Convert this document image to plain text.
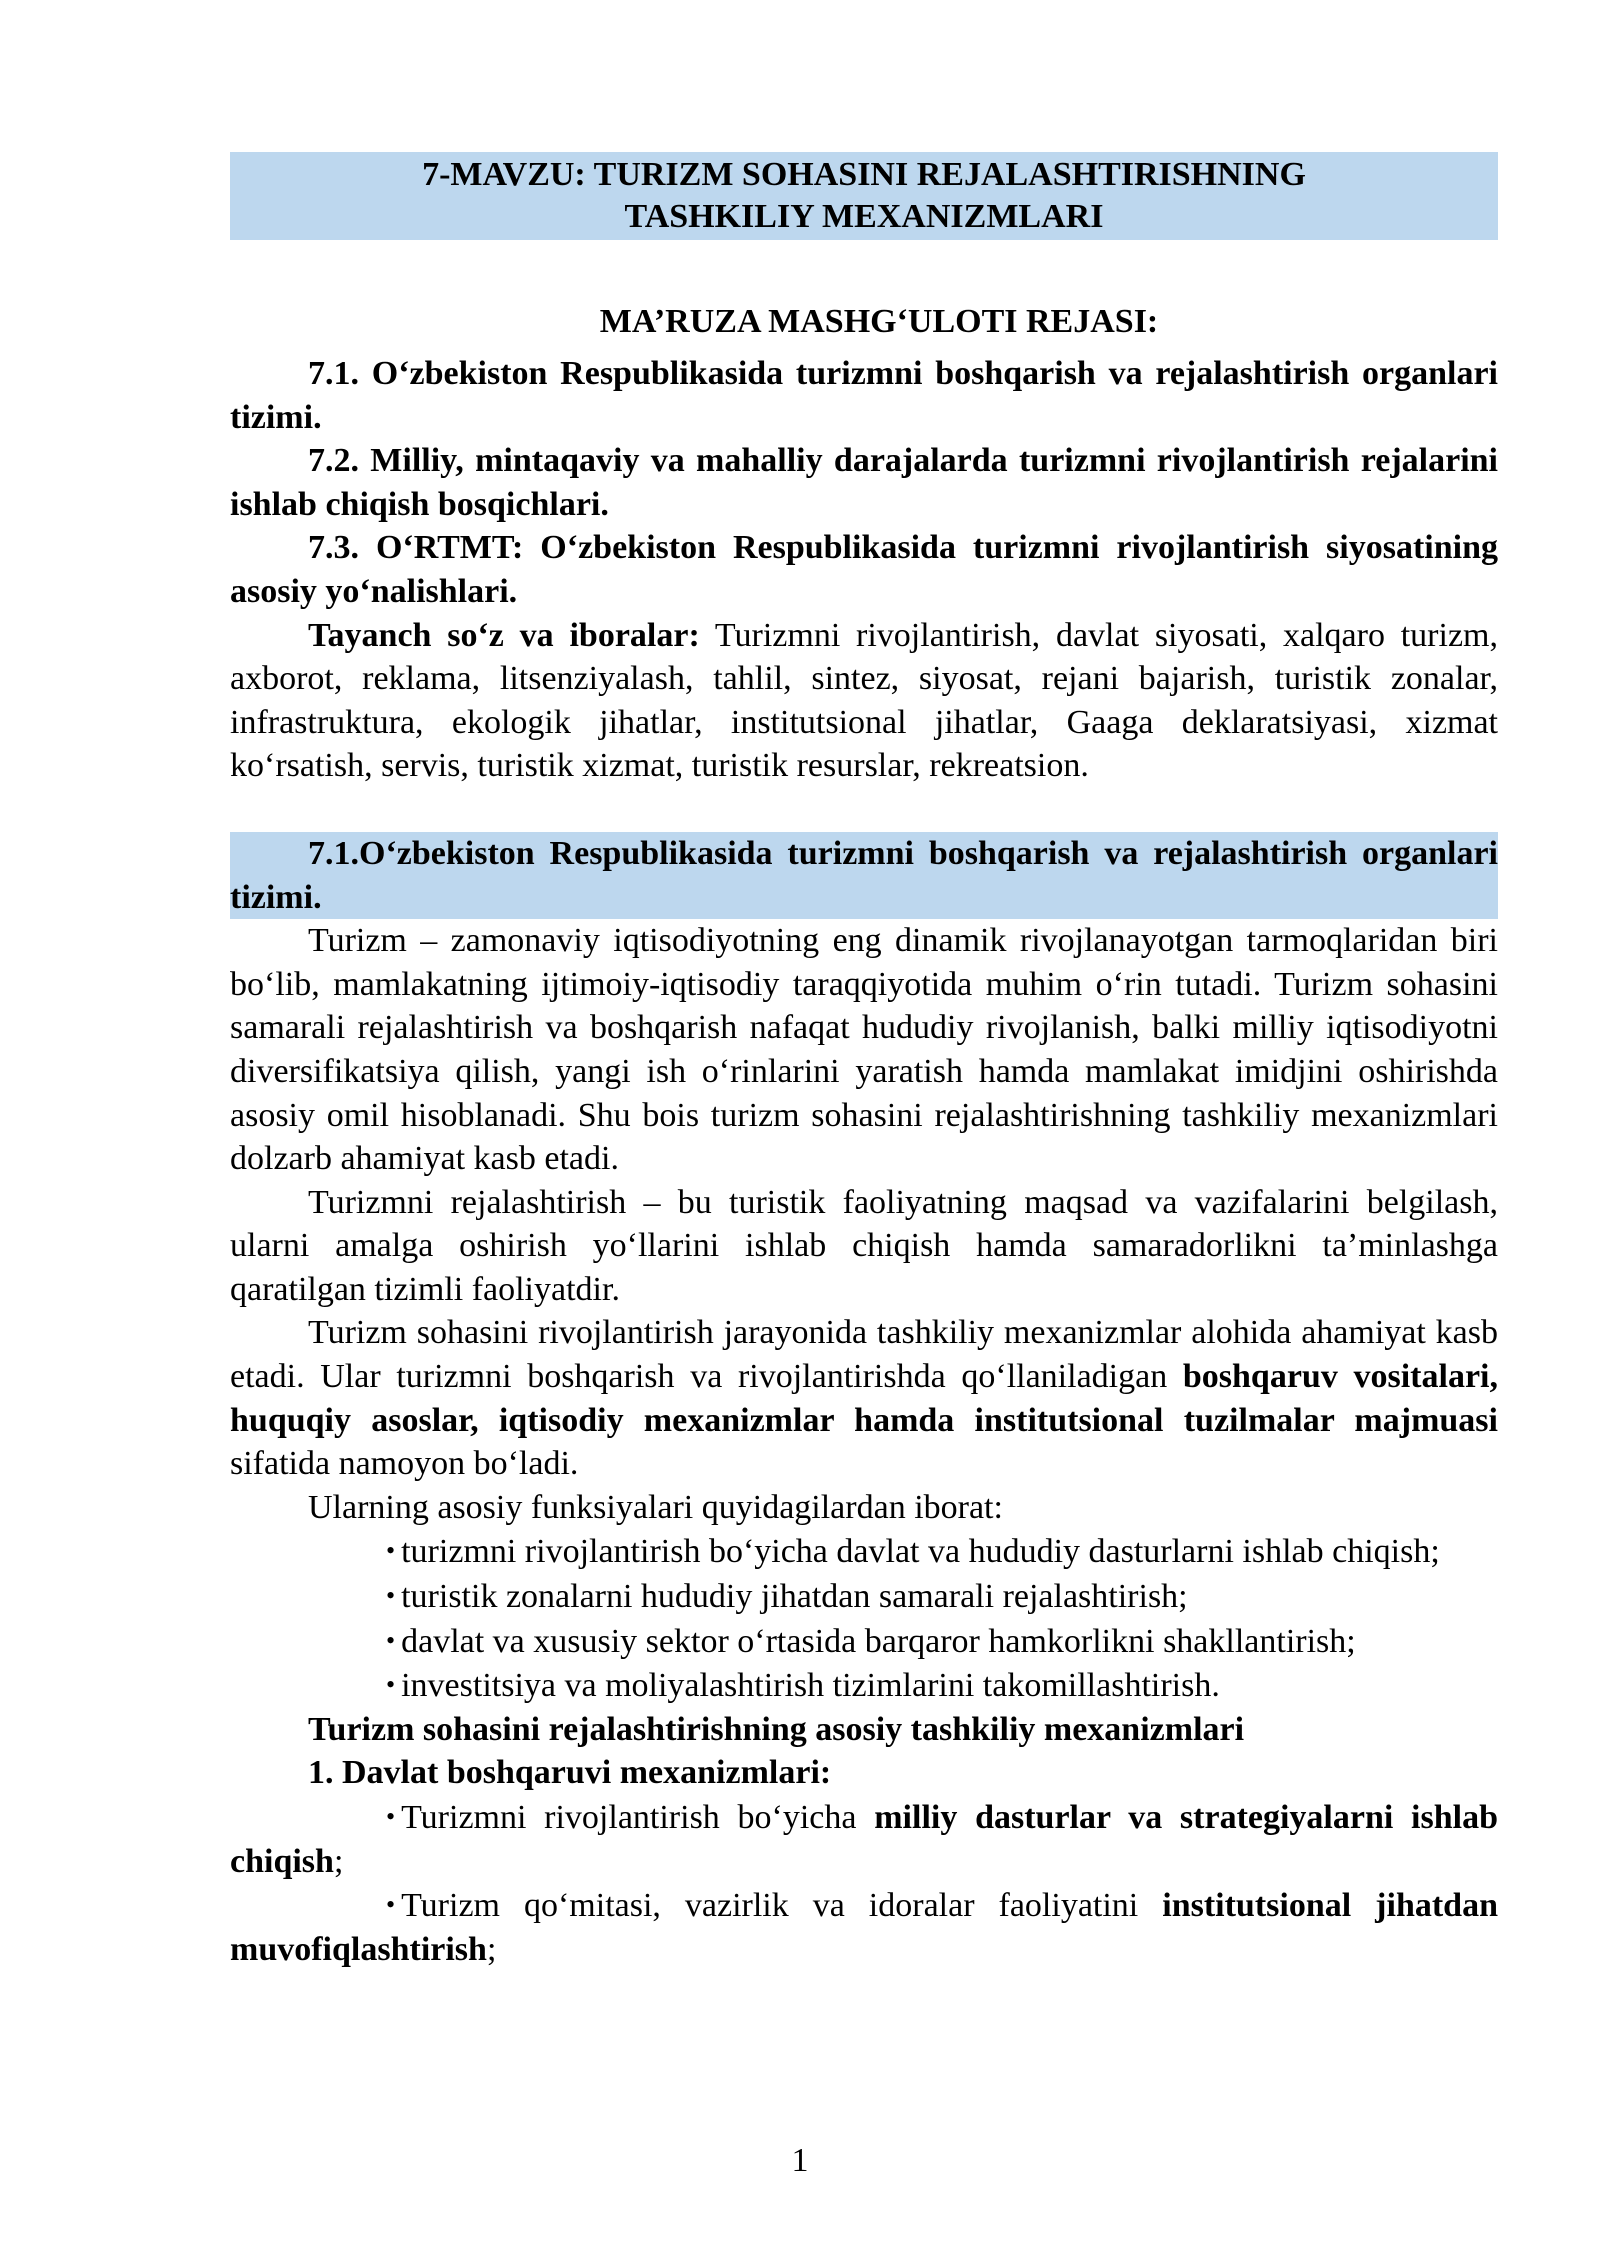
7-MAVZU: TURIZM SOHASINI REJALASHTIRISHNING
TASHKILIY MEXANIZMLARI
MA’RUZA MASHG‘ULOTI REJASI:

7.1. O‘zbekiston Respublikasida turizmni boshqarish va rejalashtirish organlari tizimi.

7.2. Milliy, mintaqaviy va mahalliy darajalarda turizmni rivojlantirish rejalarini ishlab chiqish bosqichlari.

7.3. O‘RTMT: O‘zbekiston Respublikasida turizmni rivojlantirish siyosatining asosiy yo‘nalishlari.

Tayanch so‘z va iboralar: Turizmni rivojlantirish, davlat siyosati, xalqaro turizm, axborot, reklama, litsenziyalash, tahlil, sintez, siyosat, rejani bajarish, turistik zonalar, infrastruktura, ekologik jihatlar, institutsional jihatlar, Gaaga deklaratsiyasi, xizmat ko‘rsatish, servis, turistik xizmat, turistik resurslar, rekreatsion.

7.1.O‘zbekiston Respublikasida turizmni boshqarish va rejalashtirish organlari tizimi.

Turizm – zamonaviy iqtisodiyotning eng dinamik rivojlanayotgan tarmoqlaridan biri bo‘lib, mamlakatning ijtimoiy-iqtisodiy taraqqiyotida muhim o‘rin tutadi. Turizm sohasini samarali rejalashtirish va boshqarish nafaqat hududiy rivojlanish, balki milliy iqtisodiyotni diversifikatsiya qilish, yangi ish o‘rinlarini yaratish hamda mamlakat imidjini oshirishda asosiy omil hisoblanadi. Shu bois turizm sohasini rejalashtirishning tashkiliy mexanizmlari dolzarb ahamiyat kasb etadi.

Turizmni rejalashtirish – bu turistik faoliyatning maqsad va vazifalarini belgilash, ularni amalga oshirish yo‘llarini ishlab chiqish hamda samaradorlikni ta’minlashga qaratilgan tizimli faoliyatdir.

Turizm sohasini rivojlantirish jarayonida tashkiliy mexanizmlar alohida ahamiyat kasb etadi. Ular turizmni boshqarish va rivojlantirishda qo‘llaniladigan boshqaruv vositalari, huquqiy asoslar, iqtisodiy mexanizmlar hamda institutsional tuzilmalar majmuasi sifatida namoyon bo‘ladi.

Ularning asosiy funksiyalari quyidagilardan iborat:

• turizmni rivojlantirish bo‘yicha davlat va hududiy dasturlarni ishlab chiqish;

• turistik zonalarni hududiy jihatdan samarali rejalashtirish;

• davlat va xususiy sektor o‘rtasida barqaror hamkorlikni shakllantirish;

• investitsiya va moliyalashtirish tizimlarini takomillashtirish.

Turizm sohasini rejalashtirishning asosiy tashkiliy mexanizmlari

1. Davlat boshqaruvi mexanizmlari:

• Turizmni rivojlantirish bo‘yicha milliy dasturlar va strategiyalarni ishlab chiqish;

• Turizm qo‘mitasi, vazirlik va idoralar faoliyatini institutsional jihatdan muvofiqlashtirish;

1
